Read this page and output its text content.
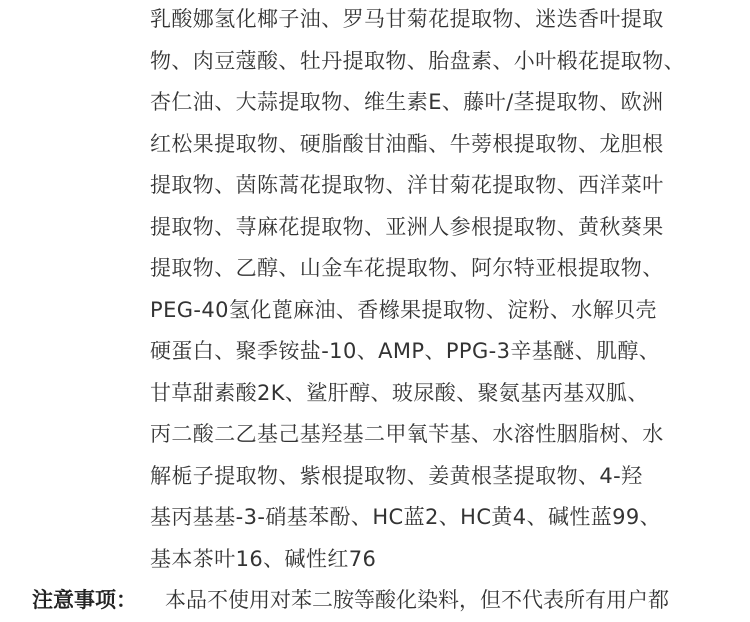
乳酸娜氢化椰子油、罗马甘菊花提取物、迷迭香叶提取
物、肉豆蔻酸、牡丹提取物、胎盘素、小叶椴花提取物、
杏仁油、大蒜提取物、维生素E、藤叶/茎提取物、欧洲
红松果提取物、硬脂酸甘油酯、牛蒡根提取物、龙胆根
提取物、茵陈蒿花提取物、洋甘菊花提取物、西洋菜叶
提取物、荨麻花提取物、亚洲人参根提取物、黄秋葵果
提取物、乙醇、山金车花提取物、阿尔特亚根提取物、
PEG-40氢化蓖麻油、香橼果提取物、淀粉、水解贝壳
硬蛋白、聚季铵盐-10、AMP、PPG-3辛基醚、肌醇、
甘草甜素酸2K、鲨肝醇、玻尿酸、聚氨基丙基双胍、
丙二酸二乙基己基羟基二甲氧苄基、水溶性胭脂树、水
解栀子提取物、紫根提取物、姜黄根茎提取物、4-羟
基丙基基-3-硝基苯酚、HC蓝2、HC黄4、碱性蓝99、
基本茶叶16、碱性红76
注意事项： 本品不使用对苯二胺等酸化染料，但不代表所有用户都
